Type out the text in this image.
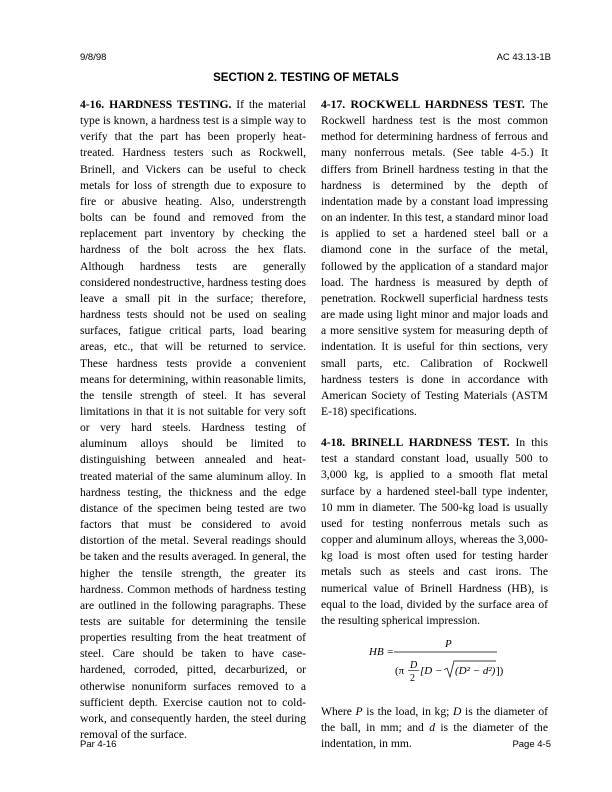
9/8/98	AC 43.13-1B
SECTION 2. TESTING OF METALS

4-16. HARDNESS TESTING. If the material type is known, a hardness test is a simple way to verify that the part has been properly heat-treated. Hardness testers such as Rockwell, Brinell, and Vickers can be useful to check metals for loss of strength due to exposure to fire or abusive heating. Also, understrength bolts can be found and removed from the replacement part inventory by checking the hardness of the bolt across the hex flats. Although hardness tests are generally considered nondestructive, hardness testing does leave a small pit in the surface; therefore, hardness tests should not be used on sealing surfaces, fatigue critical parts, load bearing areas, etc., that will be returned to service. These hardness tests provide a convenient means for determining, within reasonable limits, the tensile strength of steel. It has several limitations in that it is not suitable for very soft or very hard steels. Hardness testing of aluminum alloys should be limited to distinguishing between annealed and heat-treated material of the same aluminum alloy. In hardness testing, the thickness and the edge distance of the specimen being tested are two factors that must be considered to avoid distortion of the metal. Several readings should be taken and the results averaged. In general, the higher the tensile strength, the greater its hardness. Common methods of hardness testing are outlined in the following paragraphs. These tests are suitable for determining the tensile properties resulting from the heat treatment of steel. Care should be taken to have case-hardened, corroded, pitted, decarburized, or otherwise nonuniform surfaces removed to a sufficient depth. Exercise caution not to cold-work, and consequently harden, the steel during removal of the surface.

4-17. ROCKWELL HARDNESS TEST. The Rockwell hardness test is the most common method for determining hardness of ferrous and many nonferrous metals. (See table 4-5.) It differs from Brinell hardness testing in that the hardness is determined by the depth of indentation made by a constant load impressing on an indenter. In this test, a standard minor load is applied to set a hardened steel ball or a diamond cone in the surface of the metal, followed by the application of a standard major load. The hardness is measured by depth of penetration. Rockwell superficial hardness tests are made using light minor and major loads and a more sensitive system for measuring depth of indentation. It is useful for thin sections, very small parts, etc. Calibration of Rockwell hardness testers is done in accordance with American Society of Testing Materials (ASTM E-18) specifications.

4-18. BRINELL HARDNESS TEST. In this test a standard constant load, usually 500 to 3,000 kg, is applied to a smooth flat metal surface by a hardened steel-ball type indenter, 10 mm in diameter. The 500-kg load is usually used for testing nonferrous metals such as copper and aluminum alloys, whereas the 3,000-kg load is most often used for testing harder metals such as steels and cast irons. The numerical value of Brinell Hardness (HB), is equal to the load, divided by the surface area of the resulting spherical impression.

HB =
P
(π D
2
[D − (D² − d²) ])

Where P is the load, in kg; D is the diameter of the ball, in mm; and d is the diameter of the indentation, in mm.

Par 4-16	Page 4-5
